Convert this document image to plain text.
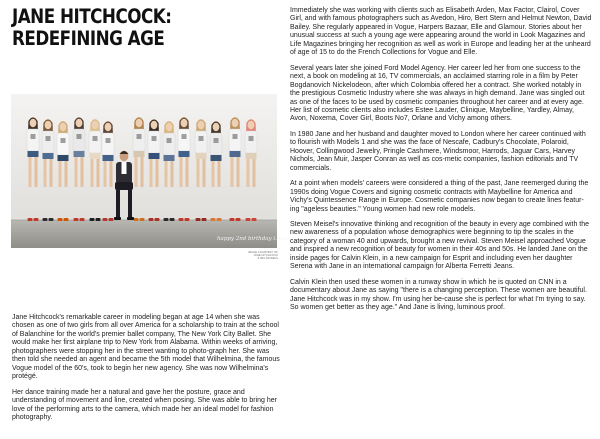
JANE HITCHCOCK:
REDEFINING AGE
happy 2nd birthday i.m.g.
IMAGE COURTESY OF
JANE HITCHCOCK
& IMG MODELS

Jane Hitchcock's remarkable career in modeling began at age 14 when she was chosen as one of two girls from all over America for a scholarship to train at the school of Balanchine for the world's premier ballet company, The New York City Ballet. She would make her first airplane trip to New York from Alabama. Within weeks of arriving, photographers were stopping her in the street wanting to photo-graph her. She was then told she needed an agent and became the 5th model that Wilhelmina, the famous Vogue model of the 60's, took to begin her new agency. She was now Wilhelmina's protégé.

Her dance training made her a natural and gave her the posture, grace and understanding of movement and line, created when posing. She was able to bring her love of the performing arts to the camera, which made her an ideal model for fashion photography.

Immediately she was working with clients such as Elisabeth Arden, Max Factor, Clairol, Cover Girl, and with famous photographers such as Avedon, Hiro, Bert Stern and Helmut Newton, David Bailey. She regularly appeared in Vogue, Harpers Bazaar, Elle and Glamour. Stories about her unusual success at such a young age were appearing around the world in Look Magazines and Life Magazines bringing her recognition as well as work in Europe and leading her at the unheard of age of 15 to do the French Collections for Vogue and Elle.

Several years later she joined Ford Model Agency. Her career led her from one success to the next, a book on modeling at 16, TV commercials, an acclaimed starring role in a film by Peter Bogdanovich Nickelodeon, after which Colombia offered her a contract. She worked notably in the prestigious Cosmetic Industry where she was always in high demand. Jane was singled out as one of the faces to be used by cosmetic companies throughout her career and at every age. Her list of cosmetic clients also includes Estee Lauder, Clinique, Maybelline, Yardley, Almay, Avon, Noxema, Cover Girl, Boots No7, Orlane and Vichy among others.

In 1980 Jane and her husband and daughter moved to London where her career continued with to flourish with Models 1 and she was the face of Nescafe, Cadbury's Chocolate, Polaroid, Hoover, Collingwood Jewelry, Pringle Cashmere, Windsmoor, Harrods, Jaguar Cars, Harvey Nichols, Jean Muir, Jasper Conran as well as cos-metic companies, fashion editorials and TV commercials.

At a point when models' careers were considered a thing of the past, Jane reemerged during the 1990s doing Vogue Covers and signing cosmetic contracts with Maybelline for America and Vichy's Quintessence Range in Europe. Cosmetic companies now began to create lines featur-ing "ageless beauties." Young women had new role models.

Steven Meisel's innovative thinking and recognition of the beauty in every age combined with the new awareness of a population whose demographics were beginning to tip the scales in the category of a woman 40 and upwards, brought a new revival. Steven Meisel approached Vogue and inspired a new recognition of beauty for women in their 40s and 50s. He landed Jane on the inside pages for Calvin Klein, in a new campaign for Esprit and including even her daughter Serena with Jane in an international campaign for Alberta Ferretti Jeans.

Calvin Klein then used these women in a runway show in which he is quoted on CNN in a documentary about Jane as saying "there is a changing perception. These women are beautiful. Jane Hitchcock was in my show. I'm using her be-cause she is perfect for what I'm trying to say. So women get better as they age." And Jane is living, luminous proof.
